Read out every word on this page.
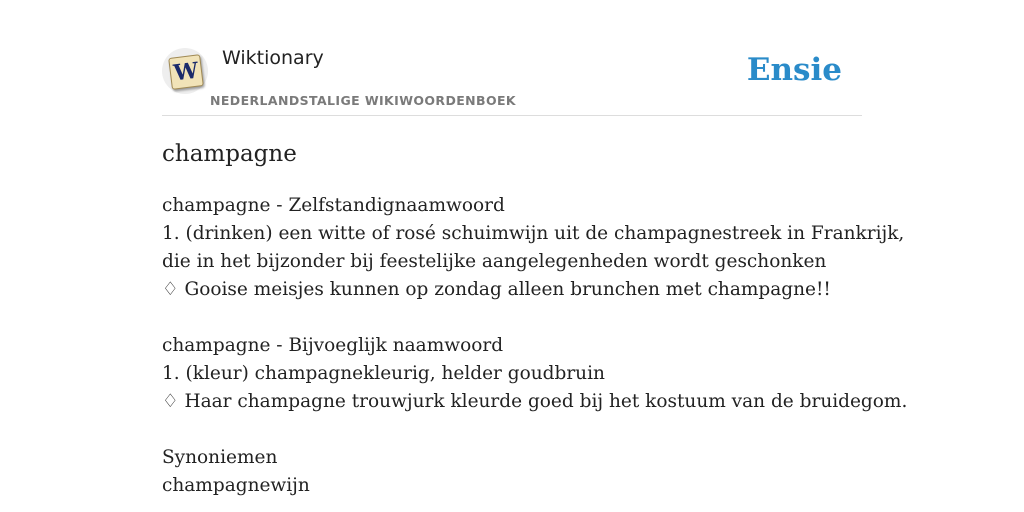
W Wiktionary
NEDERLANDSTALIGE WIKIWOORDENBOEK
Ensie
champagne
champagne - Zelfstandignaamwoord
1. (drinken) een witte of rosé schuimwijn uit de champagnestreek in Frankrijk,
die in het bijzonder bij feestelijke aangelegenheden wordt geschonken
♢ Gooise meisjes kunnen op zondag alleen brunchen met champagne!!
champagne - Bijvoeglijk naamwoord
1. (kleur) champagnekleurig, helder goudbruin
♢ Haar champagne trouwjurk kleurde goed bij het kostuum van de bruidegom.
Synoniemen
champagnewijn
